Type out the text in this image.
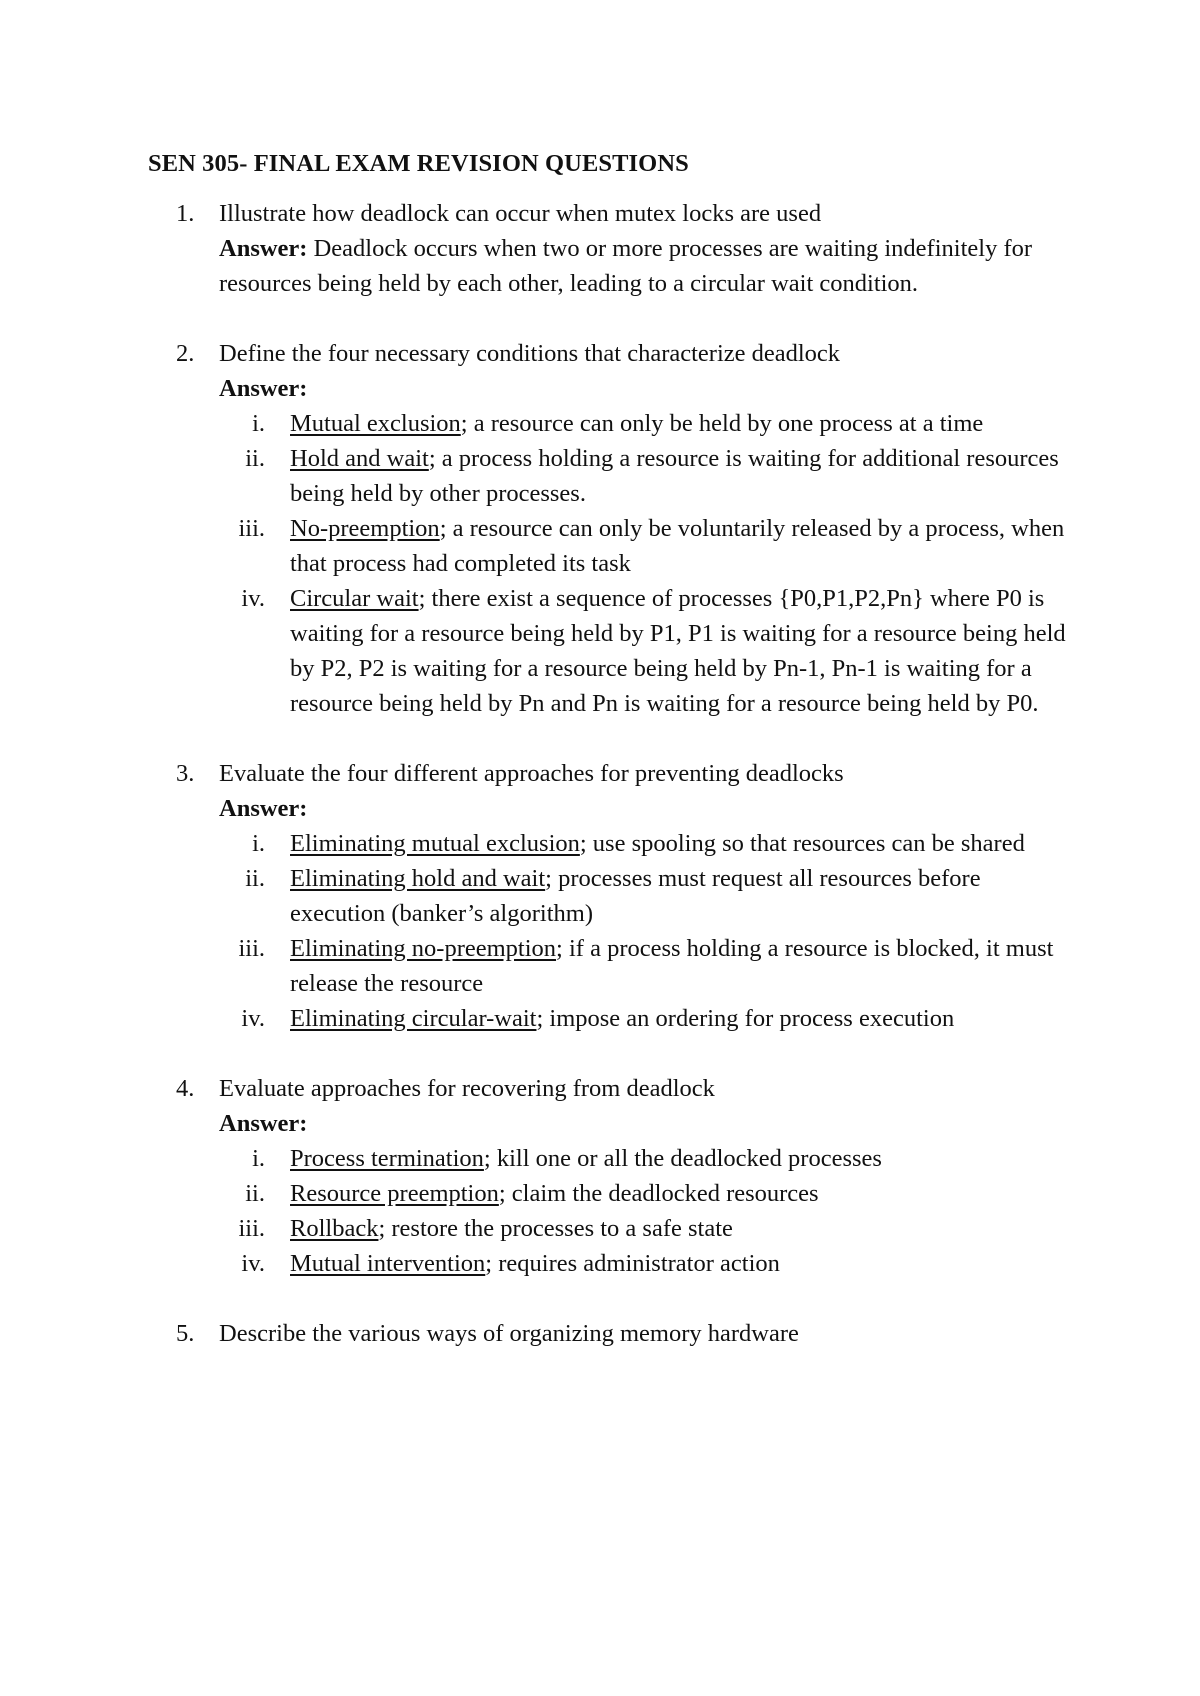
SEN 305- FINAL EXAM REVISION QUESTIONS
1. Illustrate how deadlock can occur when mutex locks are used
Answer: Deadlock occurs when two or more processes are waiting indefinitely for resources being held by each other, leading to a circular wait condition.
2. Define the four necessary conditions that characterize deadlock
Answer:
i. Mutual exclusion; a resource can only be held by one process at a time
ii. Hold and wait; a process holding a resource is waiting for additional resources being held by other processes.
iii. No-preemption; a resource can only be voluntarily released by a process, when that process had completed its task
iv. Circular wait; there exist a sequence of processes {P0,P1,P2,Pn} where P0 is waiting for a resource being held by P1, P1 is waiting for a resource being held by P2, P2 is waiting for a resource being held by Pn-1, Pn-1 is waiting for a resource being held by Pn and Pn is waiting for a resource being held by P0.
3. Evaluate the four different approaches for preventing deadlocks
Answer:
i. Eliminating mutual exclusion; use spooling so that resources can be shared
ii. Eliminating hold and wait; processes must request all resources before execution (banker’s algorithm)
iii. Eliminating no-preemption; if a process holding a resource is blocked, it must release the resource
iv. Eliminating circular-wait; impose an ordering for process execution
4. Evaluate approaches for recovering from deadlock
Answer:
i. Process termination; kill one or all the deadlocked processes
ii. Resource preemption; claim the deadlocked resources
iii. Rollback; restore the processes to a safe state
iv. Mutual intervention; requires administrator action
5. Describe the various ways of organizing memory hardware
